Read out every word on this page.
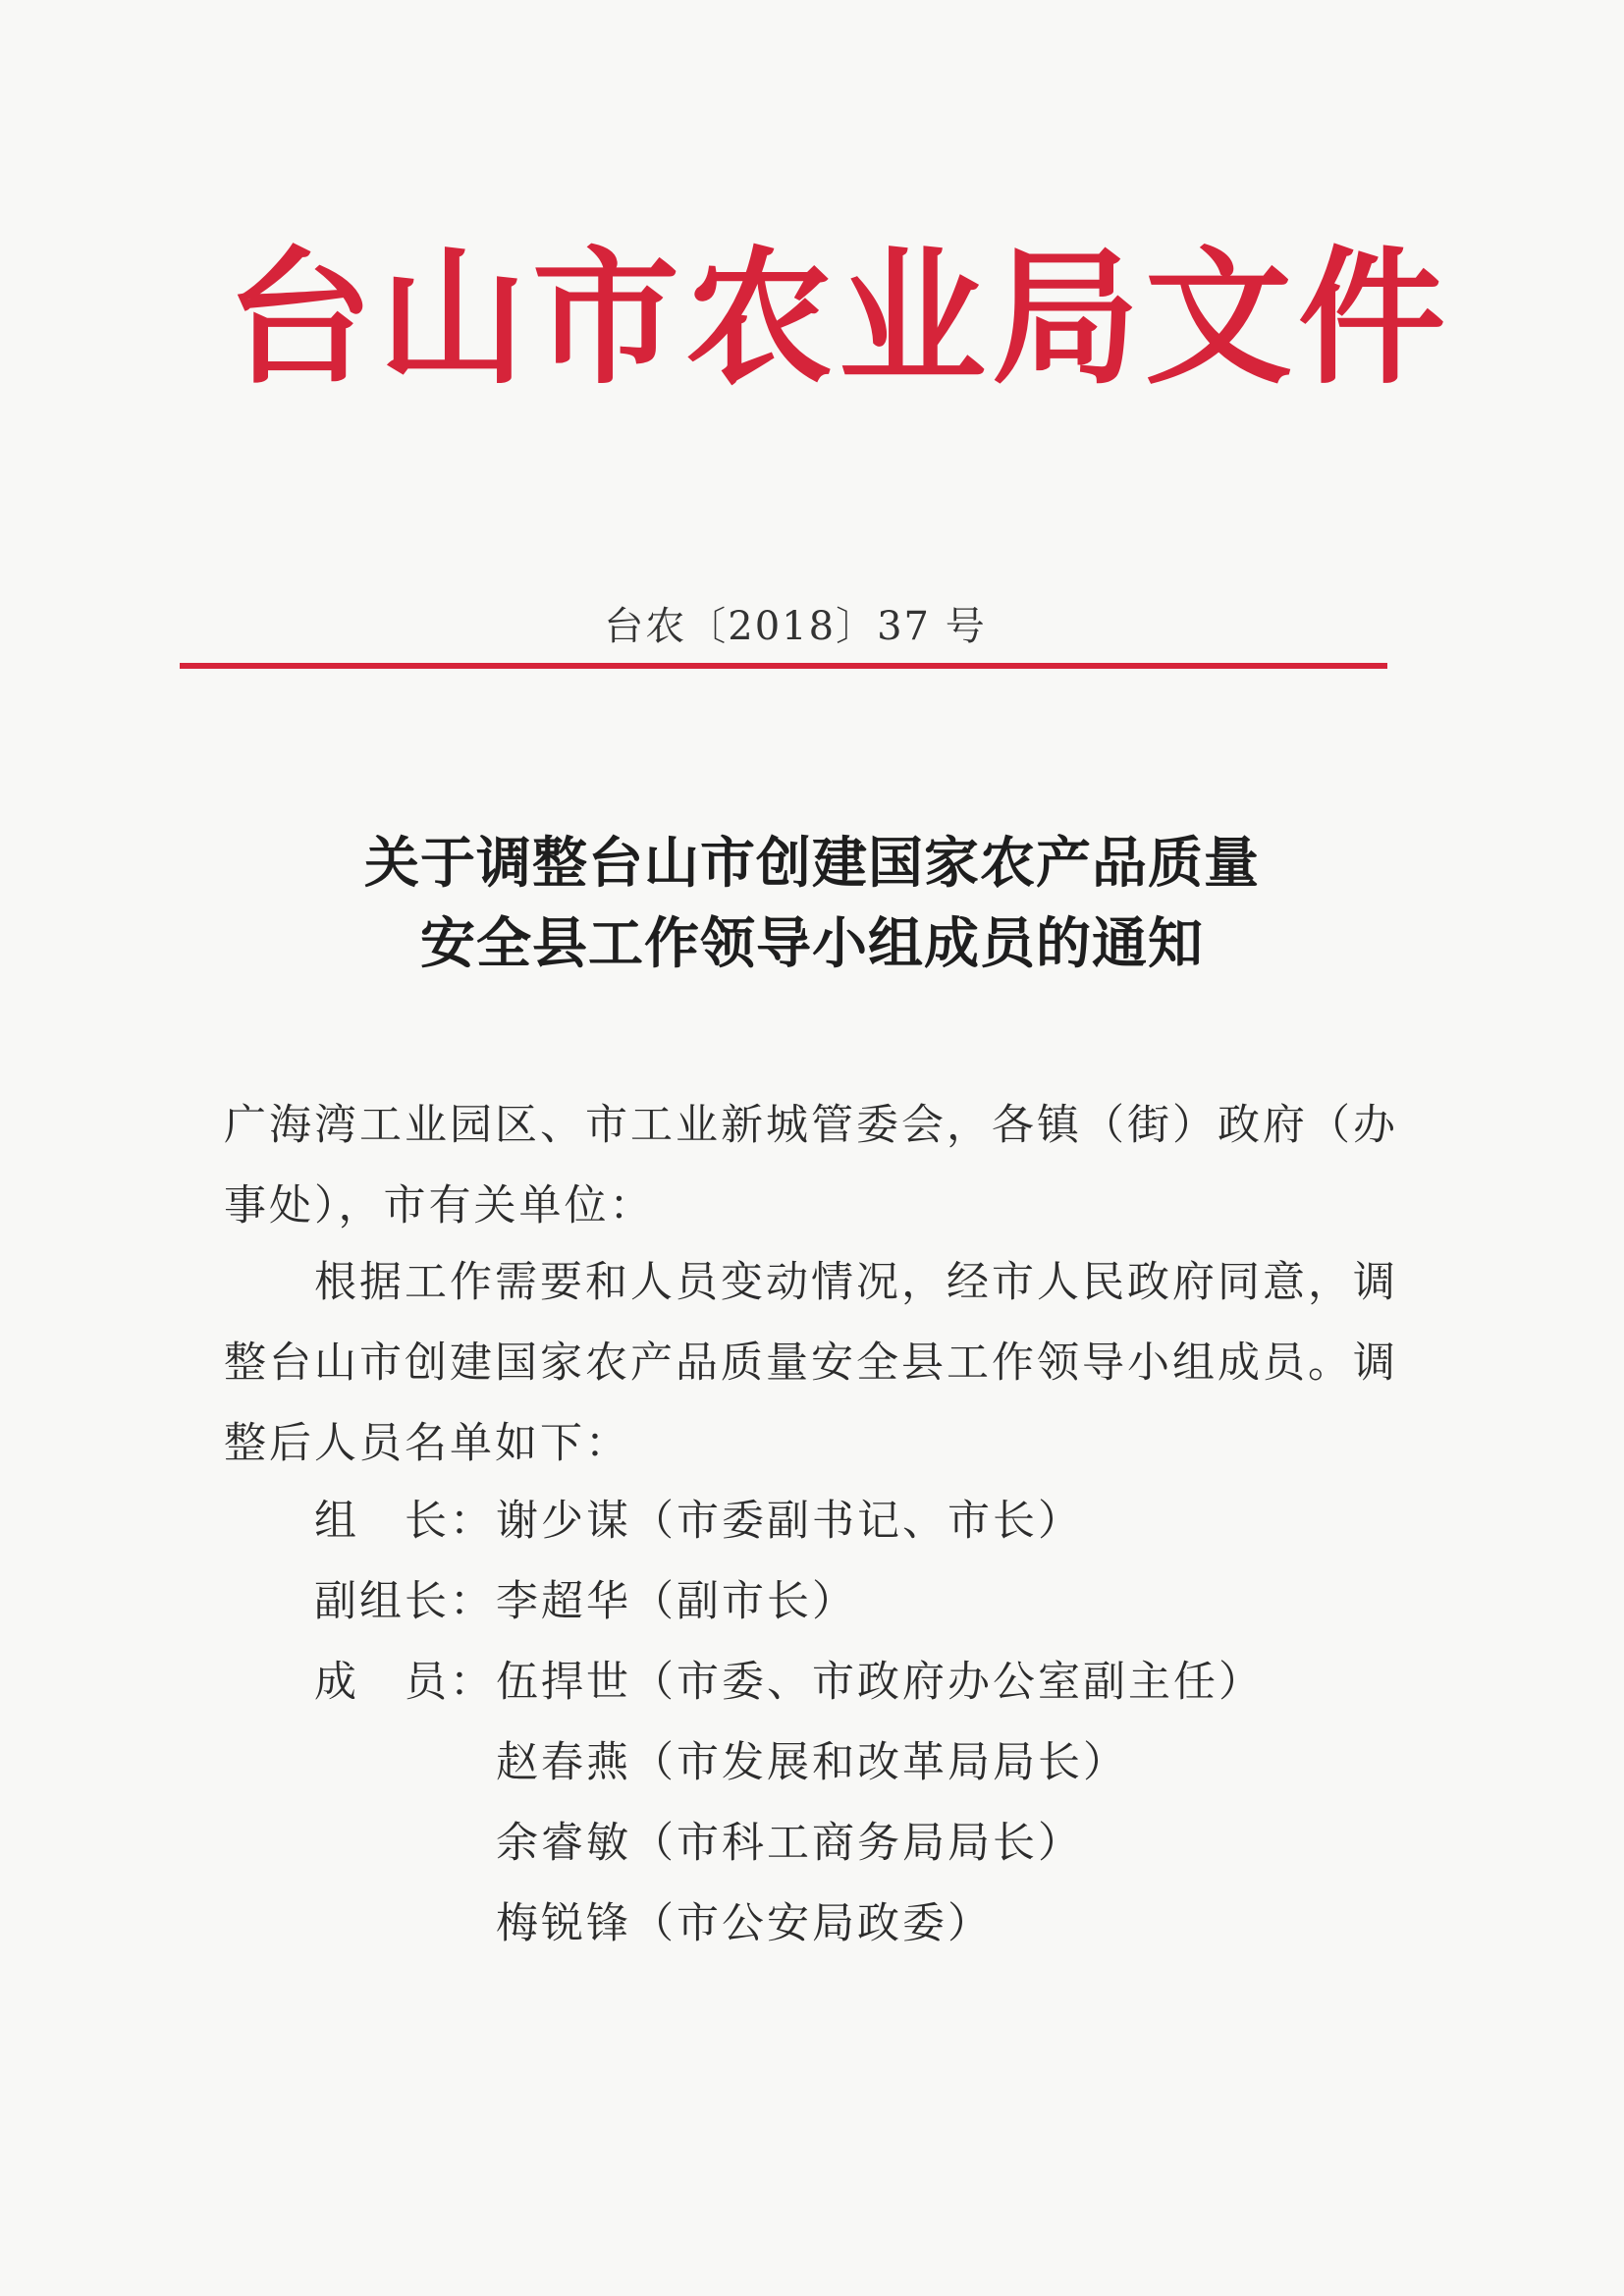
台山市农业局文件
台农〔2018〕37 号
关于调整台山市创建国家农产品质量
安全县工作领导小组成员的通知
广海湾工业园区、市工业新城管委会，各镇（街）政府（办
事处），市有关单位：
根据工作需要和人员变动情况，经市人民政府同意，调
整台山市创建国家农产品质量安全县工作领导小组成员。调
整后人员名单如下：
组　长： 谢少谋（市委副书记、市长）
副组长： 李超华（副市长）
成　员： 伍捍世（市委、市政府办公室副主任）
赵春燕（市发展和改革局局长）
余睿敏（市科工商务局局长）
梅锐锋（市公安局政委）
